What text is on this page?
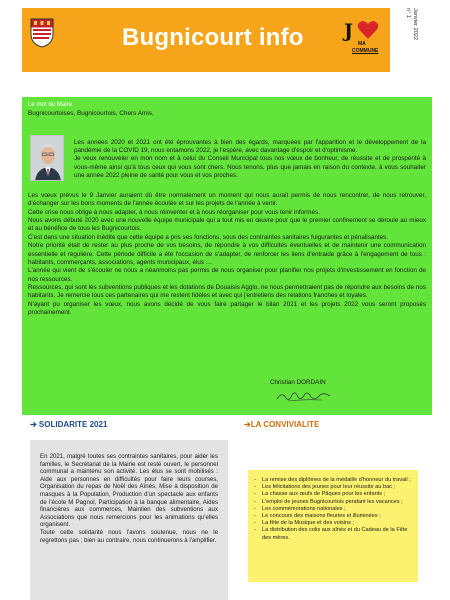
Bugnicourt info J
MA
COMMUNE
Janvier 2022
n° 1

Le mot du Maire

Bugnicourtoises, Bugnicourtois, Chers Amis,

Les années 2020 et 2021 ont été éprouvantes à bien des égards, marquées par l'apparition et le développement de la pandémie de la COVID 19, nous entamons 2022, je l'espère, avec davantage d'espoir et d'optimisme.

Je veux renouveler en mon nom et à celui du Conseil Municipal tous nos vœux de bonheur, de réussite et de prospérité à vous-même ainsi qu'à tous ceux qui vous sont chers. Nous tenons, plus que jamais en raison du contexte, à vous souhaiter une année 2022 pleine de santé pour vous et vos proches.

Les vœux prévus le 9 Janvier auraient dû être normalement un moment qui nous aurait permis de nous rencontrer, de nous retrouver, d'échanger sur les bons moments de l'année écoulée et sur les projets de l'année à venir.

Cette crise nous oblige à nous adapter, à nous réinventer et à nous réorganiser pour vous tenir informés.

Nous avons débuté 2020 avec une nouvelle équipe municipale qui a tout mis en œuvre pour que le premier confinement se déroule au mieux et au bénéfice de tous les Bugnicourtois.

C'est dans une situation inédite que cette équipe a pris ses fonctions, sous des contraintes sanitaires fulgurantes et pénalisantes.

Notre priorité était de rester au plus proche de vos besoins, de répondre à vos difficultés éventuelles et de maintenir une communication essentielle et régulière. Cette période difficile a été l'occasion de s'adapter, de renforcer les liens d'entraide grâce à l'engagement de tous : habitants, commerçants, associations, agents municipaux, élus …

L'année qui vient de s'écouler ne nous a néanmoins pas permis de nous organiser pour planifier nos projets d'investissement en fonction de nos ressources.

Ressources, qui sont les subventions publiques et les dotations de Douaisis Agglo, ne nous permettraient pas de répondre aux besoins de nos habitants. Je remercie tous ces partenaires qui me restent fidèles et avec qui j'entretiens des relations franches et loyales.

N'ayant pu organiser les vœux, nous avons décidé de vous faire partager le bilan 2021 et les projets 2022 vous seront proposés prochainement.

Christian DORDAIN
➔ SOLIDARITE 2021

En 2021, malgré toutes ses contraintes sanitaires, pour aider les familles, le Secrétariat de la Mairie est resté ouvert, le personnel communal a maintenu son activité. Les élus se sont mobilisés : Aide aux personnes en difficultés pour faire leurs courses, Organisation du repas de Noël des Aînés, Mise à disposition de masques à la Population, Production d'un spectacle aux enfants de l'école M Pagnol, Participation à la banque alimentaire, Aides financières aux commerces, Maintien des subventions aux Associations que nous remercions pour les animations qu'elles organisent.

Toute cette solidarité nous l'avons soutenue, nous ne le regrettons pas ; bien au contraire, nous continuerons à l'amplifier.

➔LA CONVIVIALITE
- La remise des diplômes de la médaille d'honneur du travail ;
- Les félicitations des jeunes pour leur réussite au bac ;
- La chasse aux œufs de Pâques pour les enfants ;
- L'emploi de jeunes Bugnicourtois pendant les vacances ;
- Les commémorations nationales ;
- Le concours des maisons fleuries et illuminées ;
- La fête de la Musique et des voisins ;
- La distribution des colis aux aînés et du Cadeau de la Fête des mères.
